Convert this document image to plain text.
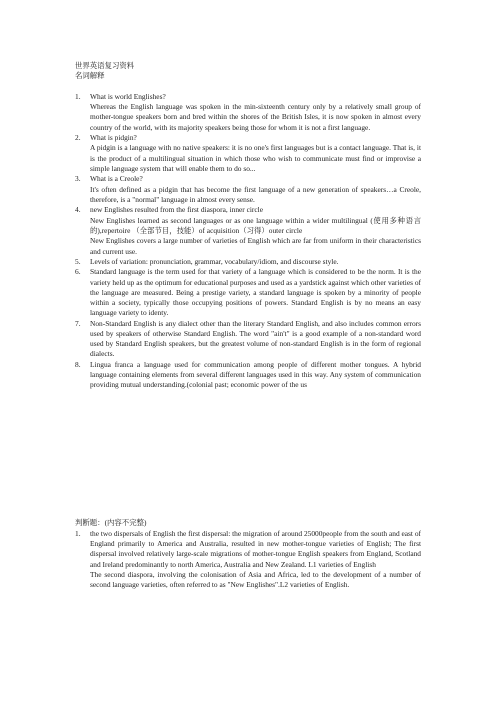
世界英语复习资料

名词解释

1. What is world Englishes?

Whereas the English language was spoken in the min-sixteenth century only by a relatively small group of mother-tongue speakers born and bred within the shores of the British Isles, it is now spoken in almost every country of the world, with its majority speakers being those for whom it is not a first language.

2. What is pidgin?

A pidgin is a language with no native speakers: it is no one's first languages but is a contact language. That is, it is the product of a multilingual situation in which those who wish to communicate must find or improvise a simple language system that will enable them to do so...

3. What is a Creole?

It's often defined as a pidgin that has become the first language of a new generation of speakers…a Creole, therefore, is a "normal" language in almost every sense.

4. new Englishes resulted from the first diaspora, inner circle

New Englishes learned as second languages or as one language within a wider multilingual (使用多种语言的),repertoire （全部节目，技能）of acquisition（习得）outer circle

New Englishes covers a large number of varieties of English which are far from uniform in their characteristics and current use.

5. Levels of variation: pronunciation, grammar, vocabulary/idiom, and discourse style.

6. Standard language is the term used for that variety of a language which is considered to be the norm. It is the variety held up as the optimum for educational purposes and used as a yardstick against which other varieties of the language are measured. Being a prestige variety, a standard language is spoken by a minority of people within a society, typically those occupying positions of powers. Standard English is by no means an easy language variety to identy.

7. Non-Standard English is any dialect other than the literary Standard English, and also includes common errors used by speakers of otherwise Standard English. The word "ain't" is a good example of a non-standard word used by Standard English speakers, but the greatest volume of non-standard English is in the form of regional dialects.

8. Lingua franca a language used for communication among people of different mother tongues. A hybrid language containing elements from several different languages used in this way. Any system of communication providing mutual understanding.(colonial past; economic power of the us

判断题：(内容不完整)

1. the two dispersals of English the first dispersal: the migration of around 25000people from the south and east of England primarily to America and Australia, resulted in new mother-tongue varieties of English; The first dispersal involved relatively large-scale migrations of mother-tongue English speakers from England, Scotland and Ireland predominantly to north America, Australia and New Zealand. L1 varieties of English

The second diaspora, involving the colonisation of Asia and Africa, led to the development of a number of second language varieties, often referred to as "New Englishes".L2 varieties of English.
